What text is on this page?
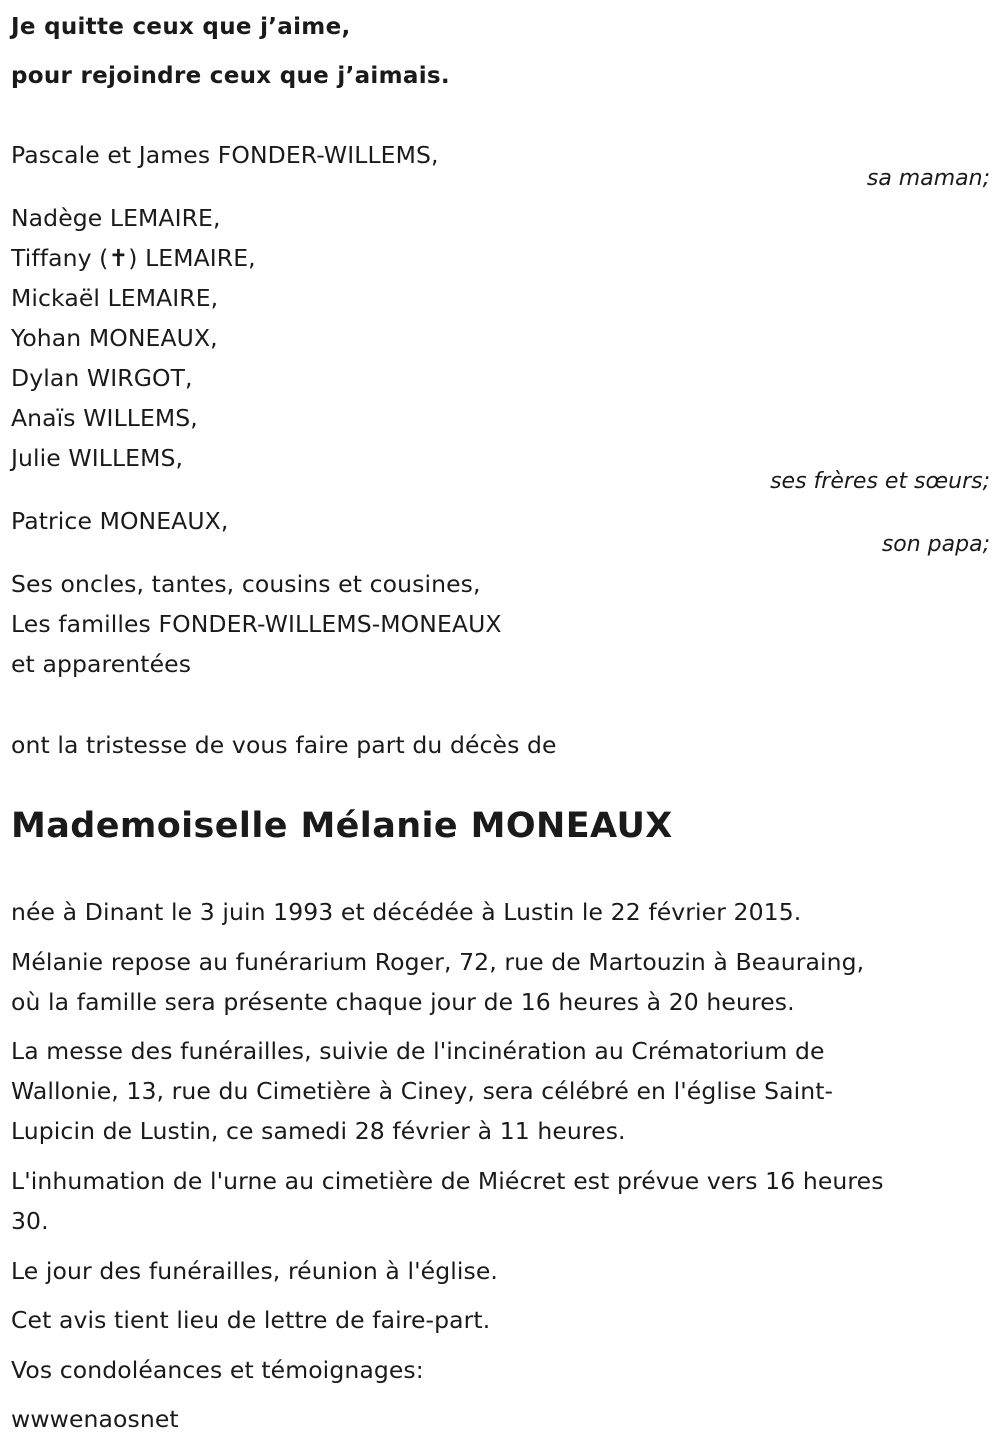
Je quitte ceux que j’aime,
pour rejoindre ceux que j’aimais.
Pascale et James FONDER-WILLEMS,
sa maman;
Nadège LEMAIRE,
Tiffany (✝) LEMAIRE,
Mickaël LEMAIRE,
Yohan MONEAUX,
Dylan WIRGOT,
Anaïs WILLEMS,
Julie WILLEMS,
ses frères et sœurs;
Patrice MONEAUX,
son papa;
Ses oncles, tantes, cousins et cousines,
Les familles FONDER-WILLEMS-MONEAUX
et apparentées
ont la tristesse de vous faire part du décès de
Mademoiselle Mélanie MONEAUX
née à Dinant le 3 juin 1993 et décédée à Lustin le 22 février 2015.
Mélanie repose au funérarium Roger, 72, rue de Martouzin à Beauraing,
où la famille sera présente chaque jour de 16 heures à 20 heures.
La messe des funérailles, suivie de l'incinération au Crématorium de
Wallonie, 13, rue du Cimetière à Ciney, sera célébré en l'église Saint-
Lupicin de Lustin, ce samedi 28 février à 11 heures.
L'inhumation de l'urne au cimetière de Miécret est prévue vers 16 heures
30.
Le jour des funérailles, réunion à l'église.
Cet avis tient lieu de lettre de faire-part.
Vos condoléances et témoignages:
wwwenaosnet
